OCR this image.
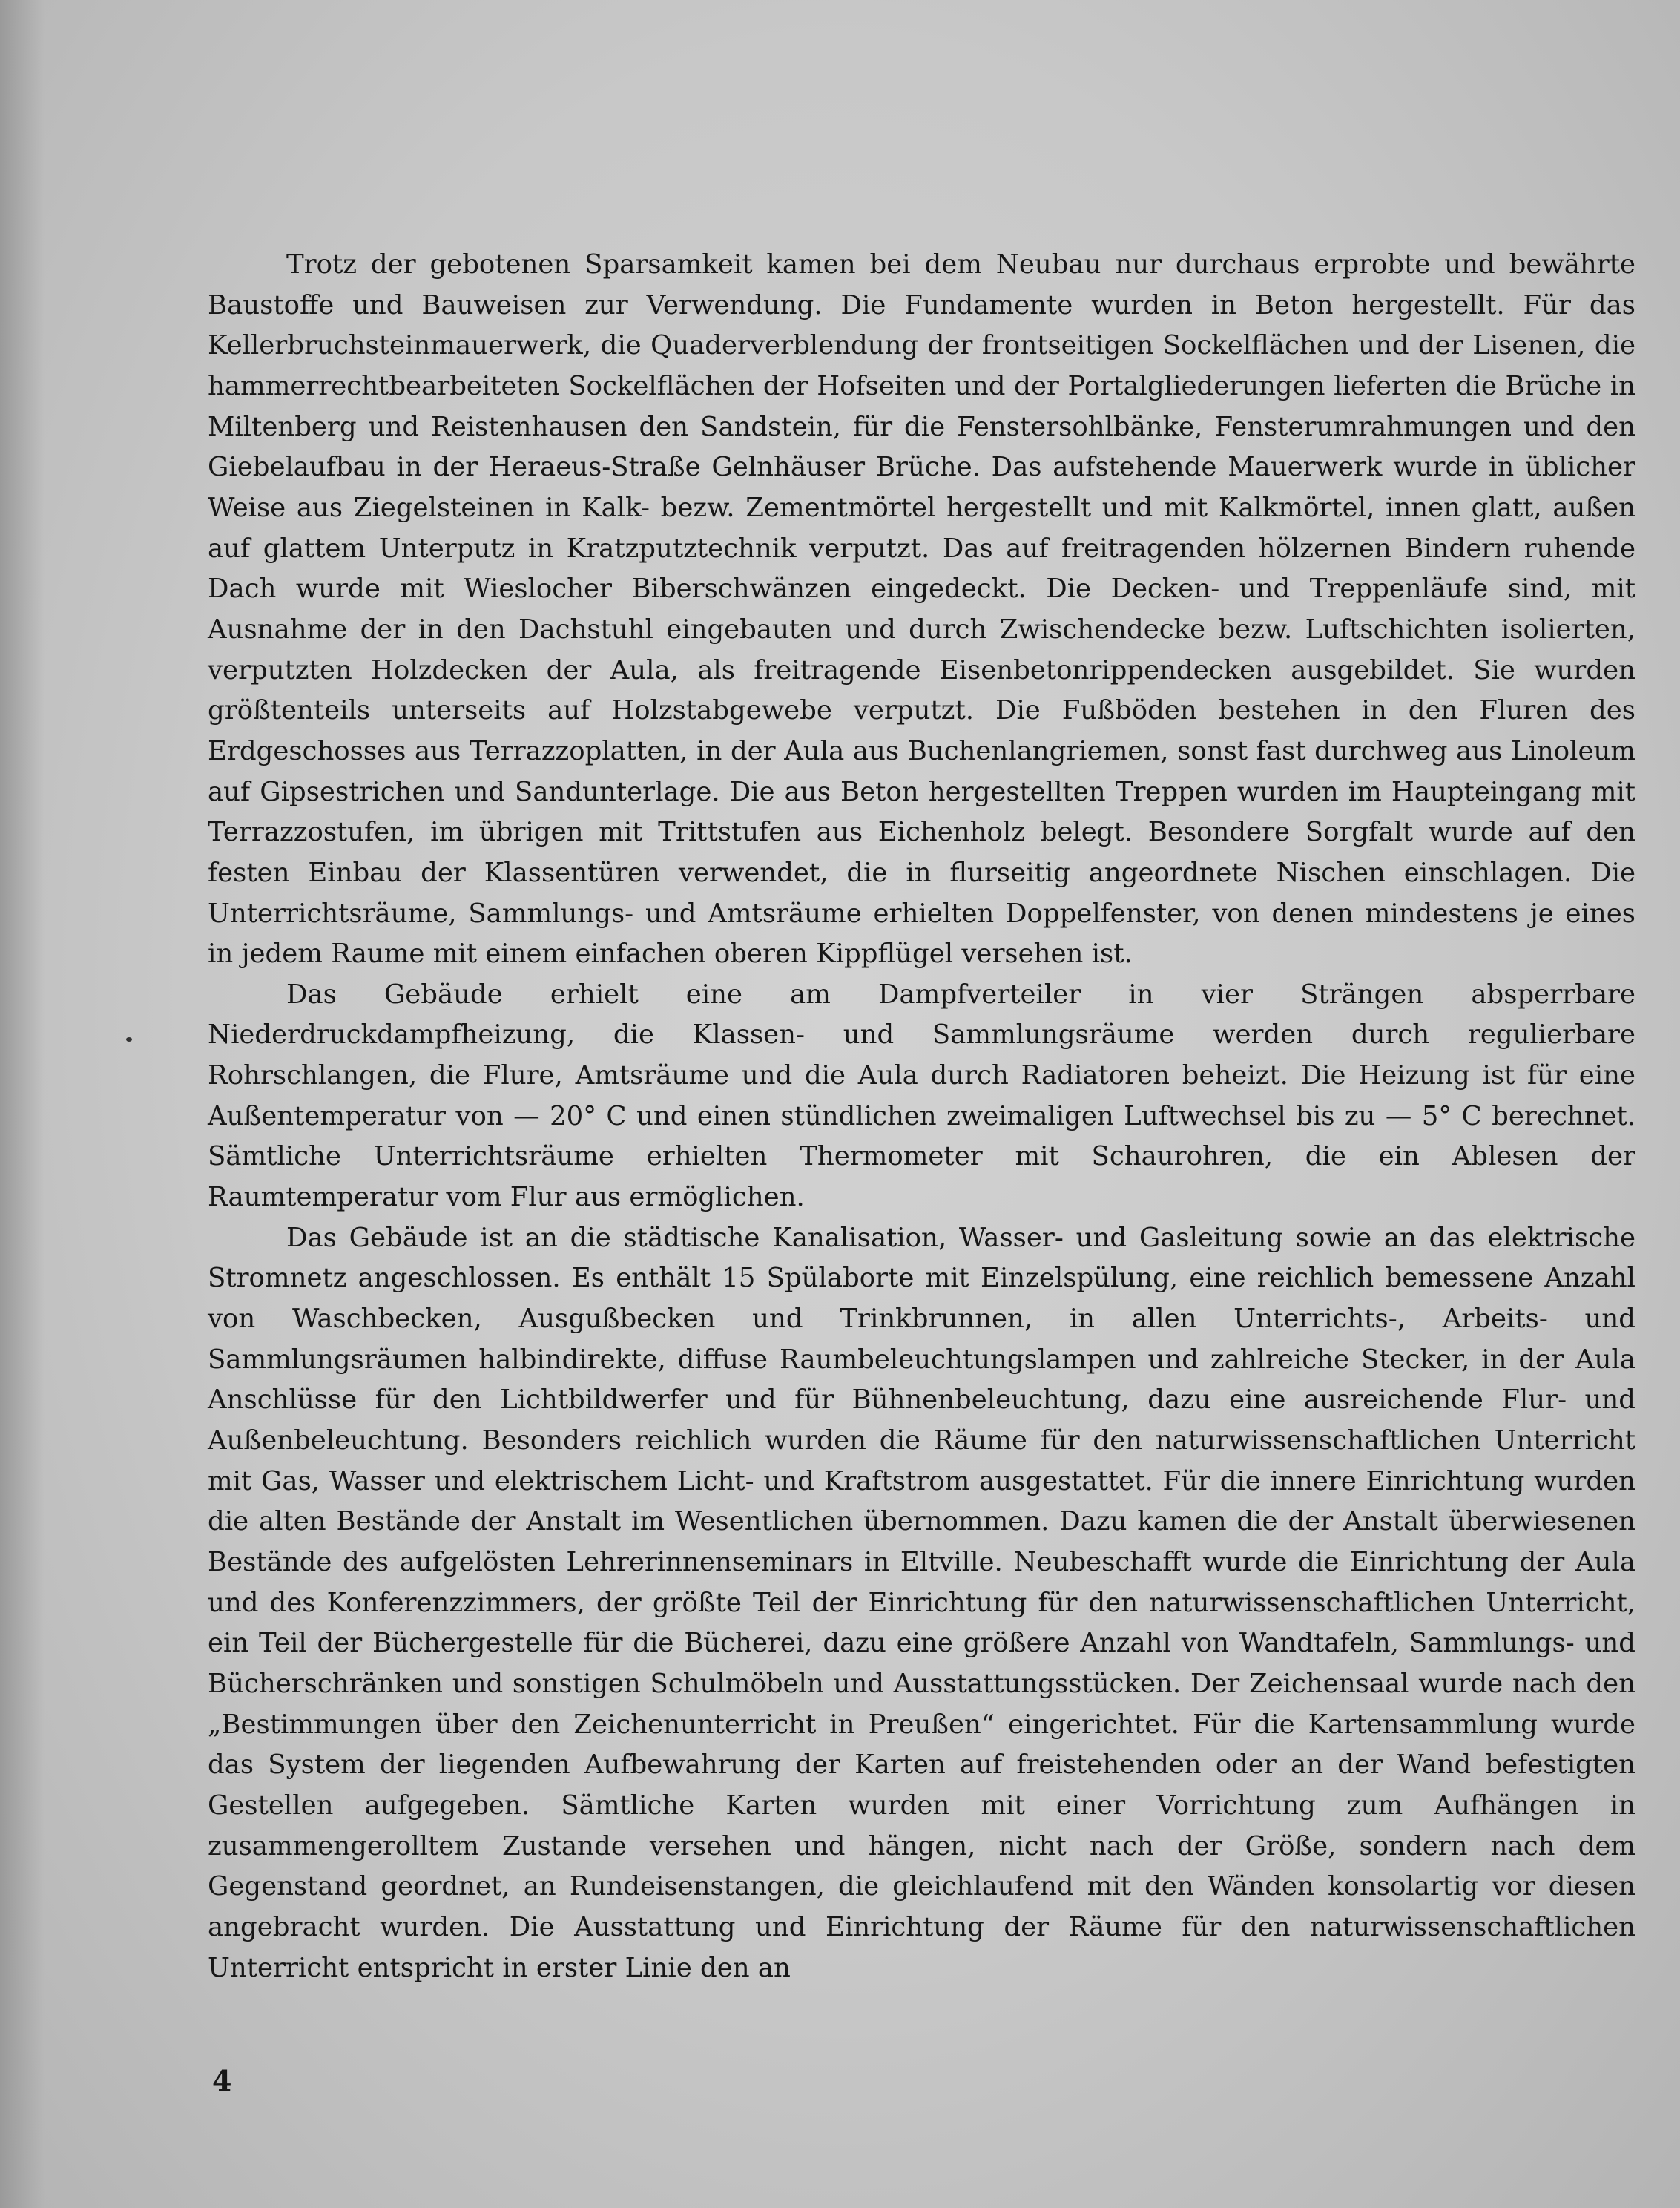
Trotz der gebotenen Sparsamkeit kamen bei dem Neubau nur durchaus erprobte und bewährte Baustoffe und Bauweisen zur Verwendung. Die Fundamente wurden in Beton hergestellt. Für das Kellerbruchsteinmauerwerk, die Quaderverblendung der frontseitigen Sockelflächen und der Lisenen, die hammerrechtbearbeiteten Sockelflächen der Hofseiten und der Portalgliederungen lieferten die Brüche in Miltenberg und Reistenhausen den Sandstein, für die Fenstersohlbänke, Fensterumrahmungen und den Giebelaufbau in der Heraeus-Straße Gelnhäuser Brüche. Das aufstehende Mauerwerk wurde in üblicher Weise aus Ziegelsteinen in Kalk- bezw. Zementmörtel hergestellt und mit Kalkmörtel, innen glatt, außen auf glattem Unterputz in Kratzputztechnik verputzt. Das auf freitragenden hölzernen Bindern ruhende Dach wurde mit Wieslocher Biberschwänzen eingedeckt. Die Decken- und Treppenläufe sind, mit Ausnahme der in den Dachstuhl eingebauten und durch Zwischendecke bezw. Luftschichten isolierten, verputzten Holzdecken der Aula, als freitragende Eisenbetonrippendecken ausgebildet. Sie wurden größtenteils unterseits auf Holzstabgewebe verputzt. Die Fußböden bestehen in den Fluren des Erdgeschosses aus Terrazzoplatten, in der Aula aus Buchenlangriemen, sonst fast durchweg aus Linoleum auf Gipsestrichen und Sandunterlage. Die aus Beton hergestellten Treppen wurden im Haupteingang mit Terrazzostufen, im übrigen mit Trittstufen aus Eichenholz belegt. Besondere Sorgfalt wurde auf den festen Einbau der Klassentüren verwendet, die in flurseitig angeordnete Nischen einschlagen. Die Unterrichtsräume, Sammlungs- und Amtsräume erhielten Doppelfenster, von denen mindestens je eines in jedem Raume mit einem einfachen oberen Kippflügel versehen ist.

Das Gebäude erhielt eine am Dampfverteiler in vier Strängen absperrbare Niederdruckdampfheizung, die Klassen- und Sammlungsräume werden durch regulierbare Rohrschlangen, die Flure, Amtsräume und die Aula durch Radiatoren beheizt. Die Heizung ist für eine Außentemperatur von — 20° C und einen stündlichen zweimaligen Luftwechsel bis zu — 5° C berechnet. Sämtliche Unterrichtsräume erhielten Thermometer mit Schaurohren, die ein Ablesen der Raumtemperatur vom Flur aus ermöglichen.

Das Gebäude ist an die städtische Kanalisation, Wasser- und Gasleitung sowie an das elektrische Stromnetz angeschlossen. Es enthält 15 Spülaborte mit Einzelspülung, eine reichlich bemessene Anzahl von Waschbecken, Ausgußbecken und Trinkbrunnen, in allen Unterrichts-, Arbeits- und Sammlungsräumen halbindirekte, diffuse Raumbeleuchtungslampen und zahlreiche Stecker, in der Aula Anschlüsse für den Lichtbildwerfer und für Bühnenbeleuchtung, dazu eine ausreichende Flur- und Außenbeleuchtung. Besonders reichlich wurden die Räume für den naturwissenschaftlichen Unterricht mit Gas, Wasser und elektrischem Licht- und Kraftstrom ausgestattet. Für die innere Einrichtung wurden die alten Bestände der Anstalt im Wesentlichen übernommen. Dazu kamen die der Anstalt überwiesenen Bestände des aufgelösten Lehrerinnenseminars in Eltville. Neubeschafft wurde die Einrichtung der Aula und des Konferenzzimmers, der größte Teil der Einrichtung für den naturwissenschaftlichen Unterricht, ein Teil der Büchergestelle für die Bücherei, dazu eine größere Anzahl von Wandtafeln, Sammlungs- und Bücherschränken und sonstigen Schulmöbeln und Ausstattungsstücken. Der Zeichensaal wurde nach den „Bestimmungen über den Zeichenunterricht in Preußen“ eingerichtet. Für die Kartensammlung wurde das System der liegenden Aufbewahrung der Karten auf freistehenden oder an der Wand befestigten Gestellen aufgegeben. Sämtliche Karten wurden mit einer Vorrichtung zum Aufhängen in zusammengerolltem Zustande versehen und hängen, nicht nach der Größe, sondern nach dem Gegenstand geordnet, an Rundeisenstangen, die gleichlaufend mit den Wänden konsolartig vor diesen angebracht wurden. Die Ausstattung und Einrichtung der Räume für den naturwissenschaftlichen Unterricht entspricht in erster Linie den an

4
